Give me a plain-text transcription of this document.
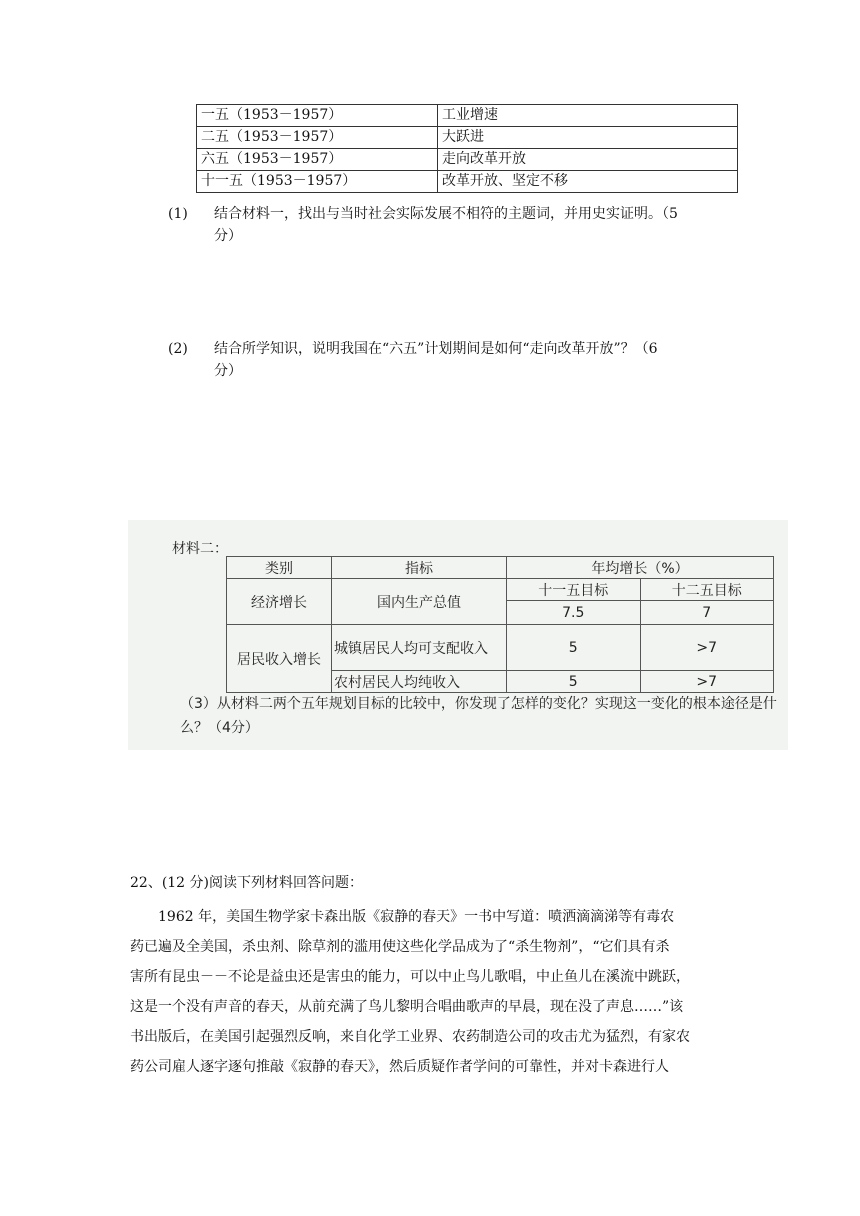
一五（1953－1957）	工业增速
二五（1953－1957）	大跃进
六五（1953－1957）	走向改革开放
十一五（1953－1957）	改革开放、坚定不移
(1) 结合材料一，找出与当时社会实际发展不相符的主题词，并用史实证明。（5
分）
(2) 结合所学知识，说明我国在“六五”计划期间是如何“走向改革开放”？（6
分）
材料二：
类别	指标	年均增长（%）	

经济增长	国内生产总值	十一五目标	十二五目标
		7.5	7
居民收入增长	城镇居民人均可支配收入	5	>7
	农村居民人均纯收入	5	>7
（3）从材料二两个五年规划目标的比较中，你发现了怎样的变化？实现这一变化的根本途径是什么？（4分）
22、(12 分)阅读下列材料回答问题：
1962 年，美国生物学家卡森出版《寂静的春天》一书中写道：喷洒滴滴涕等有毒农
药已遍及全美国，杀虫剂、除草剂的滥用使这些化学品成为了“杀生物剂”，“它们具有杀
害所有昆虫－－不论是益虫还是害虫的能力，可以中止鸟儿歌唱，中止鱼儿在溪流中跳跃，
这是一个没有声音的春天，从前充满了鸟儿黎明合唱曲歌声的早晨，现在没了声息……”该
书出版后，在美国引起强烈反响，来自化学工业界、农药制造公司的攻击尤为猛烈，有家农
药公司雇人逐字逐句推敲《寂静的春天》，然后质疑作者学问的可靠性，并对卡森进行人
